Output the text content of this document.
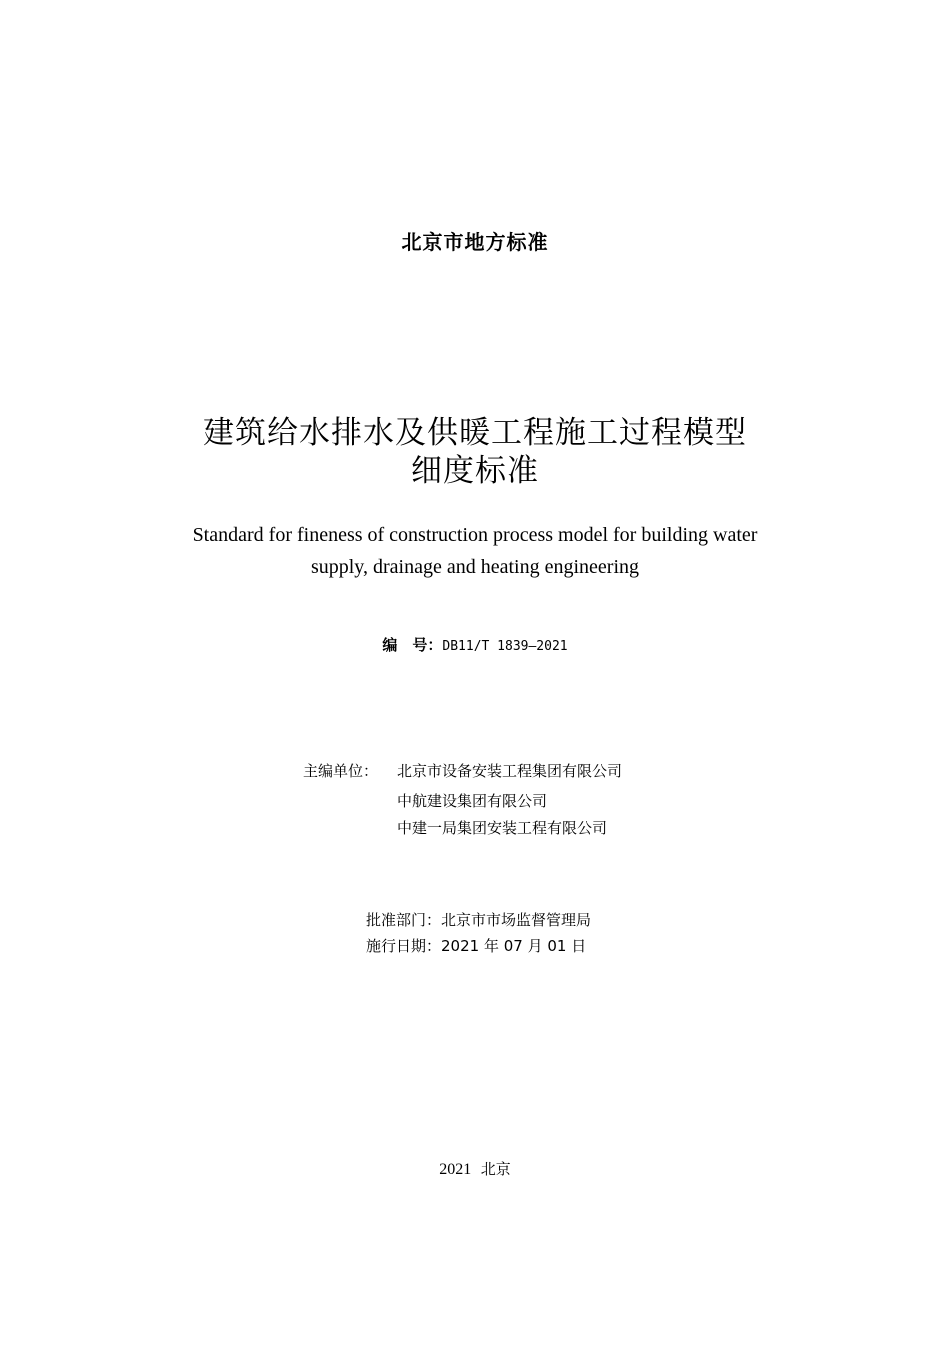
北京市地方标准
建筑给水排水及供暖工程施工过程模型
细度标准
Standard for fineness of construction process model for building water
supply, drainage and heating engineering
编　号：DB11/T 1839—2021
主编单位： 北京市设备安装工程集团有限公司
中航建设集团有限公司
中建一局集团安装工程有限公司
批准部门：北京市市场监督管理局
施行日期：2021 年 07 月 01 日
2021 北京
